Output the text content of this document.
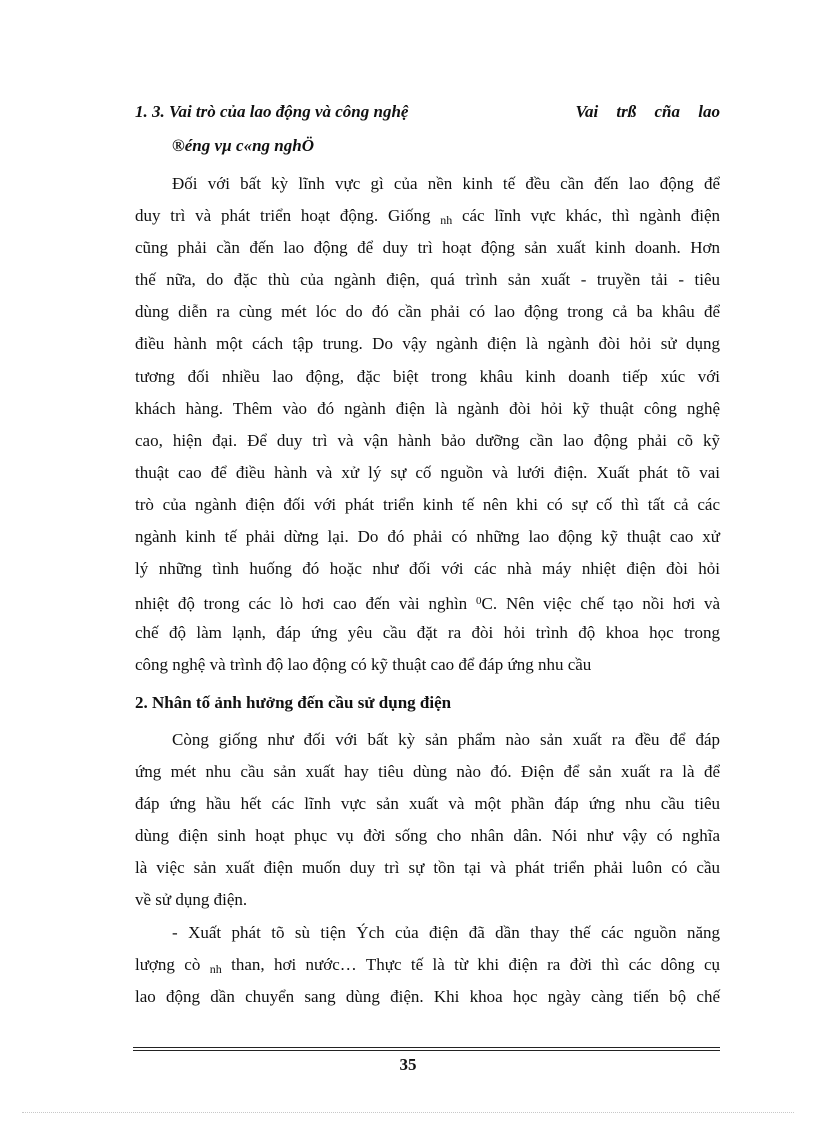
1. 3. Vai trò của lao động và công nghệ	Vai trß cña lao
®éng vµ c«ng nghÖ
Đối với bất kỳ lĩnh vực gì của nền kinh tế đều cần đến lao động để
duy trì và phát triển hoạt động. Giống $_{nh}$ các lĩnh vực khác, thì ngành điện
cũng phải cần đến lao động để duy trì hoạt động sản xuất kinh doanh. Hơn
thế nữa, do đặc thù của ngành điện, quá trình sản xuất - truyền tải - tiêu
dùng diễn ra cùng mét lóc do đó cần phải có lao động trong cả ba khâu để
điều hành một cách tập trung. Do vậy ngành điện là ngành đòi hỏi sử dụng
tương đối nhiều lao động, đặc biệt trong khâu kinh doanh tiếp xúc với
khách hàng. Thêm vào đó ngành điện là ngành đòi hỏi kỹ thuật công nghệ
cao, hiện đại. Để duy trì và vận hành bảo dưỡng cần lao động phải cõ kỹ
thuật cao để điều hành và xử lý sự cố nguồn và lưới điện. Xuất phát tõ vai
trò của ngành điện đối với phát triển kinh tế nên khi có sự cố thì tất cả các
ngành kinh tế phải dừng lại. Do đó phải có những lao động kỹ thuật cao xử
lý những tình huống đó hoặc như đối với các nhà máy nhiệt điện đòi hỏi
nhiệt độ trong các lò hơi cao đến vài nghìn $^0$C. Nên việc chế tạo nồi hơi và
chế độ làm lạnh, đáp ứng yêu cầu đặt ra đòi hỏi trình độ khoa học trong
công nghệ và trình độ lao động có kỹ thuật cao để đáp ứng nhu cầu
2. Nhân tố ảnh hưởng đến cầu sử dụng điện
Còng giống như đối với bất kỳ sản phẩm nào sản xuất ra đều để đáp
ứng mét nhu cầu sản xuất hay tiêu dùng nào đó. Điện để sản xuất ra là để
đáp ứng hầu hết các lĩnh vực sản xuất và một phần đáp ứng nhu cầu tiêu
dùng điện sinh hoạt phục vụ đời sống cho nhân dân. Nói như vậy có nghĩa
là việc sản xuất điện muốn duy trì sự tồn tại và phát triển phải luôn có cầu
về sử dụng điện.
- Xuất phát tõ sù tiện Ých của điện đã dần thay thế các nguồn năng
lượng cò $_{nh}$ than, hơi nước… Thực tế là từ khi điện ra đời thì các dông cụ
lao động dần chuyển sang dùng điện. Khi khoa học ngày càng tiến bộ chế
35
